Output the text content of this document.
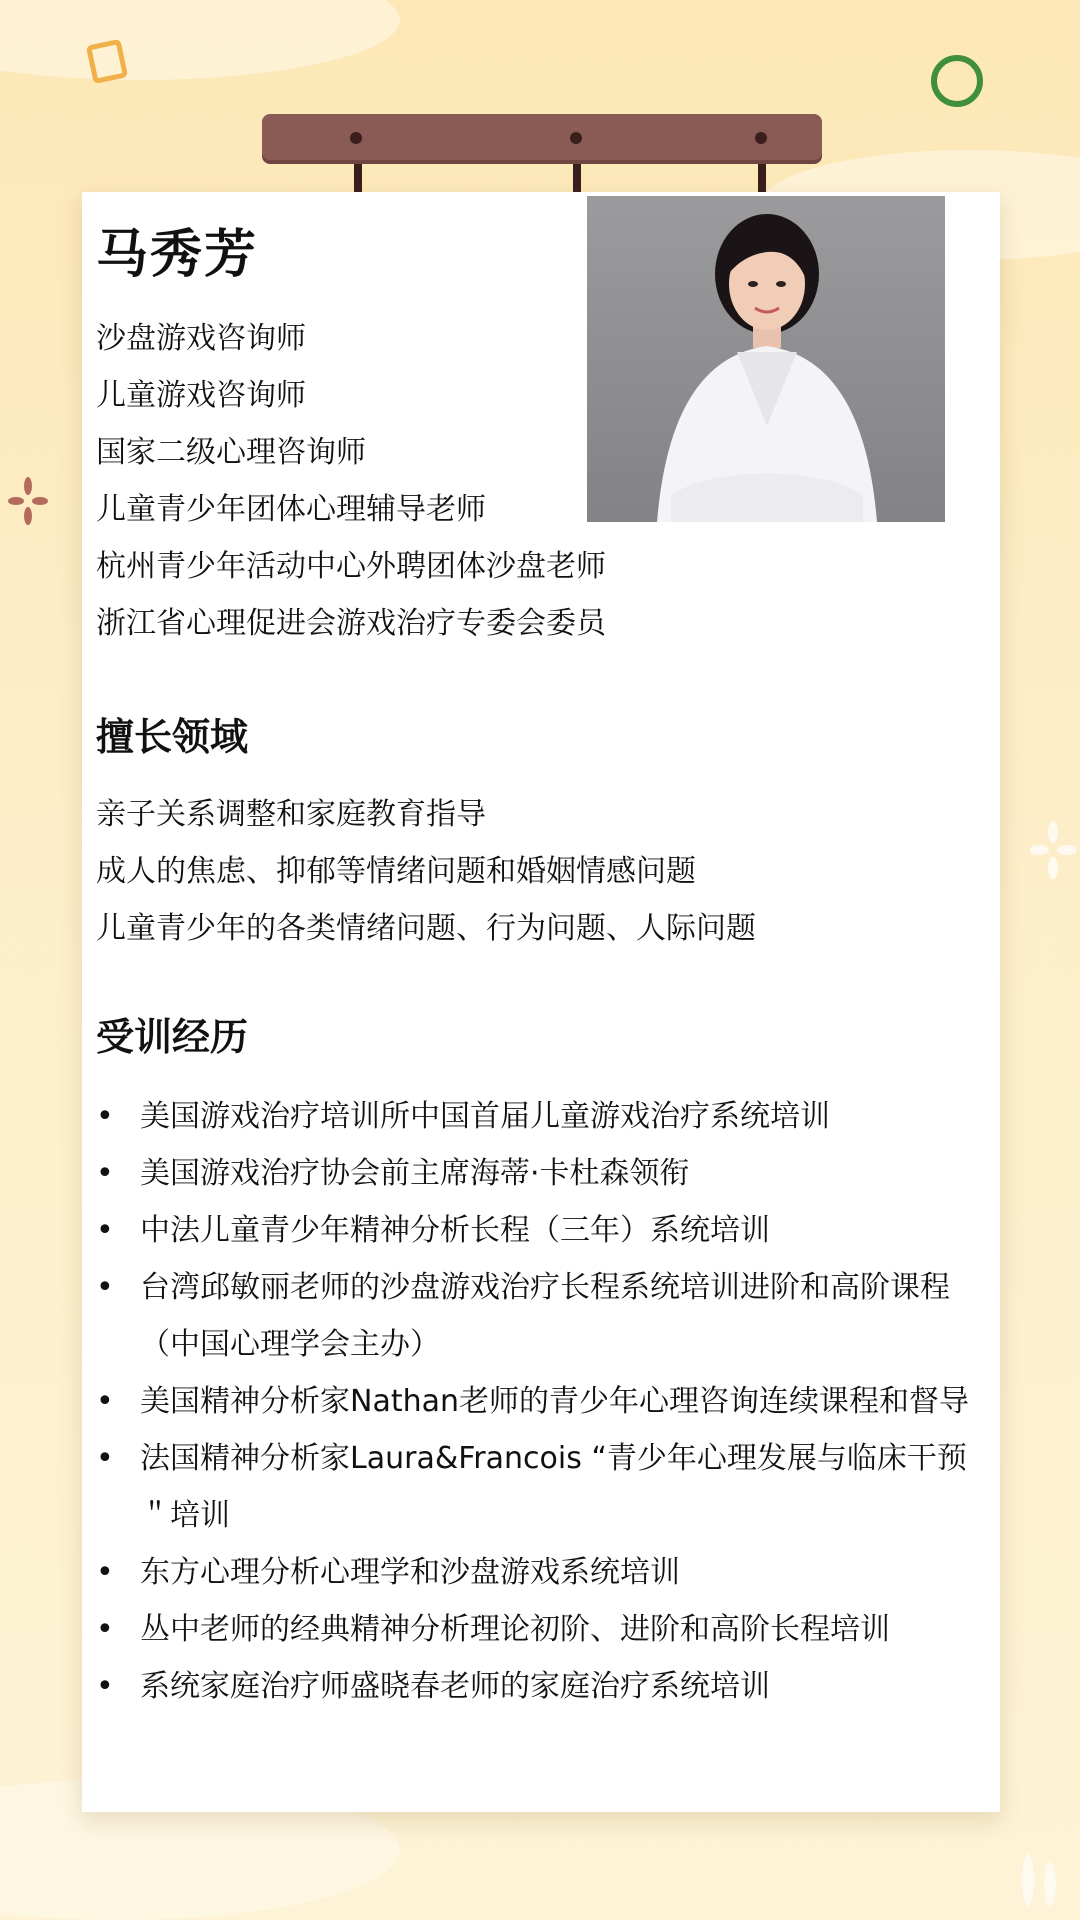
马秀芳
沙盘游戏咨询师
儿童游戏咨询师
国家二级心理咨询师
儿童青少年团体心理辅导老师
杭州青少年活动中心外聘团体沙盘老师
浙江省心理促进会游戏治疗专委会委员
擅长领域
亲子关系调整和家庭教育指导
成人的焦虑、抑郁等情绪问题和婚姻情感问题
儿童青少年的各类情绪问题、行为问题、人际问题
受训经历
• 美国游戏治疗培训所中国首届儿童游戏治疗系统培训
• 美国游戏治疗协会前主席海蒂·卡杜森领衔
• 中法儿童青少年精神分析长程（三年）系统培训
• 台湾邱敏丽老师的沙盘游戏治疗长程系统培训进阶和高阶课程（中国心理学会主办）
• 美国精神分析家Nathan老师的青少年心理咨询连续课程和督导
• 法国精神分析家Laura&Francois “青少年心理发展与临床干预＂培训
• 东方心理分析心理学和沙盘游戏系统培训
• 丛中老师的经典精神分析理论初阶、进阶和高阶长程培训
• 系统家庭治疗师盛晓春老师的家庭治疗系统培训
